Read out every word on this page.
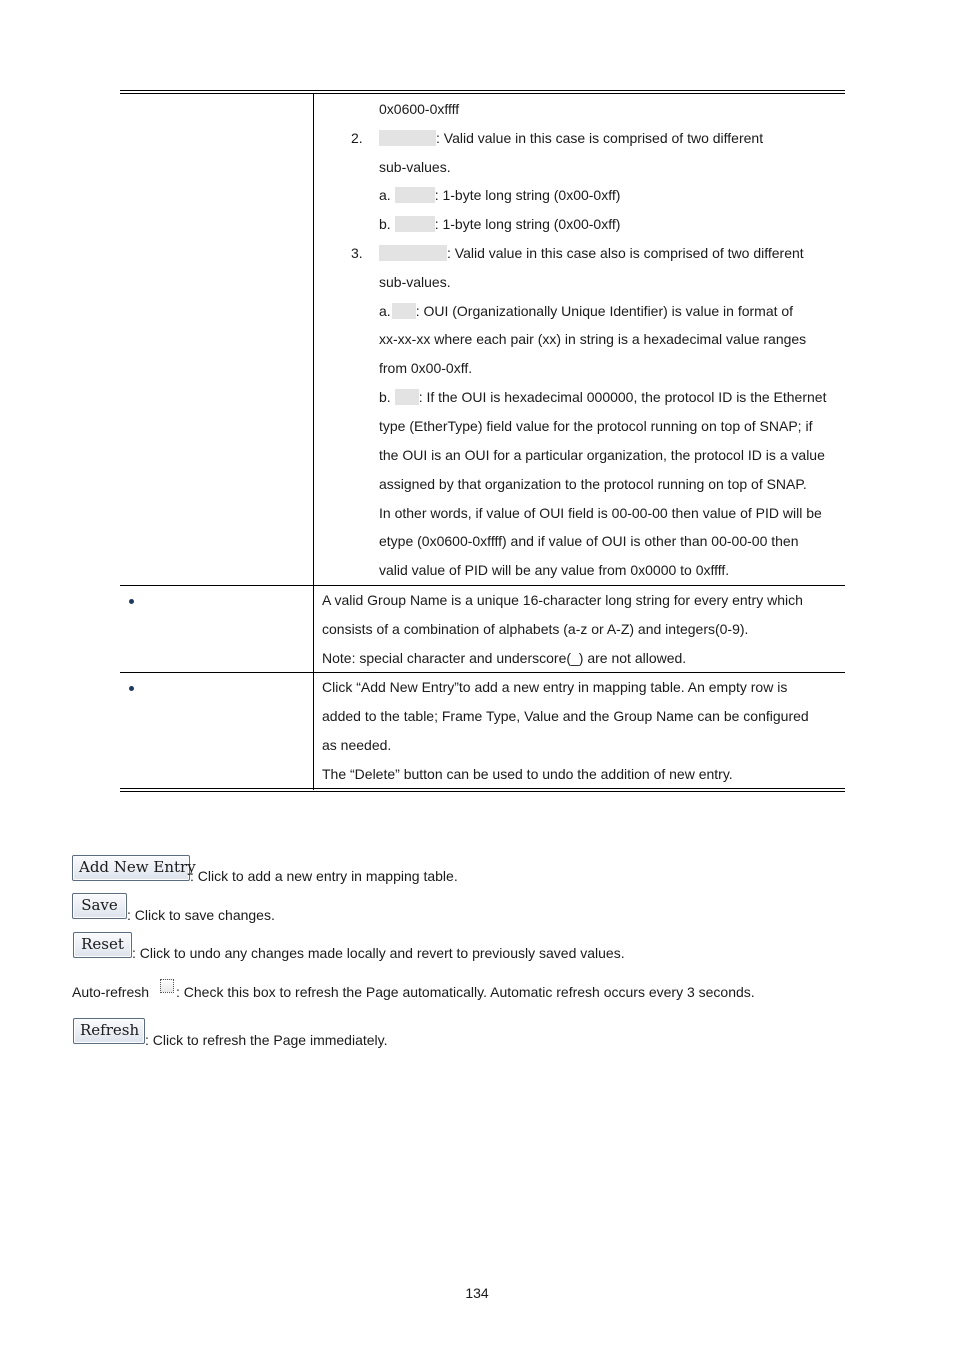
0x0600-0xffff
2.	: Valid value in this case is comprised of two different
sub-values.
a.	: 1-byte long string (0x00-0xff)
b.	: 1-byte long string (0x00-0xff)
3.	: Valid value in this case also is comprised of two different
sub-values.
a. : OUI (Organizationally Unique Identifier) is value in format of
xx-xx-xx where each pair (xx) in string is a hexadecimal value ranges
from 0x00-0xff.
b. : If the OUI is hexadecimal 000000, the protocol ID is the Ethernet
type (EtherType) field value for the protocol running on top of SNAP; if
the OUI is an OUI for a particular organization, the protocol ID is a value
assigned by that organization to the protocol running on top of SNAP.
In other words, if value of OUI field is 00-00-00 then value of PID will be
etype (0x0600-0xffff) and if value of OUI is other than 00-00-00 then
valid value of PID will be any value from 0x0000 to 0xffff.
A valid Group Name is a unique 16-character long string for every entry which
consists of a combination of alphabets (a-z or A-Z) and integers(0-9).
Note: special character and underscore(_) are not allowed.
Click “Add New Entry”to add a new entry in mapping table. An empty row is
added to the table; Frame Type, Value and the Group Name can be configured
as needed.
The “Delete” button can be used to undo the addition of new entry.
Add New Entry
: Click to add a new entry in mapping table.
Save
: Click to save changes.
Reset : Click to undo any changes made locally and revert to previously saved values.
Auto-refresh : Check this box to refresh the Page automatically. Automatic refresh occurs every 3 seconds.
Refresh
: Click to refresh the Page immediately.
134
